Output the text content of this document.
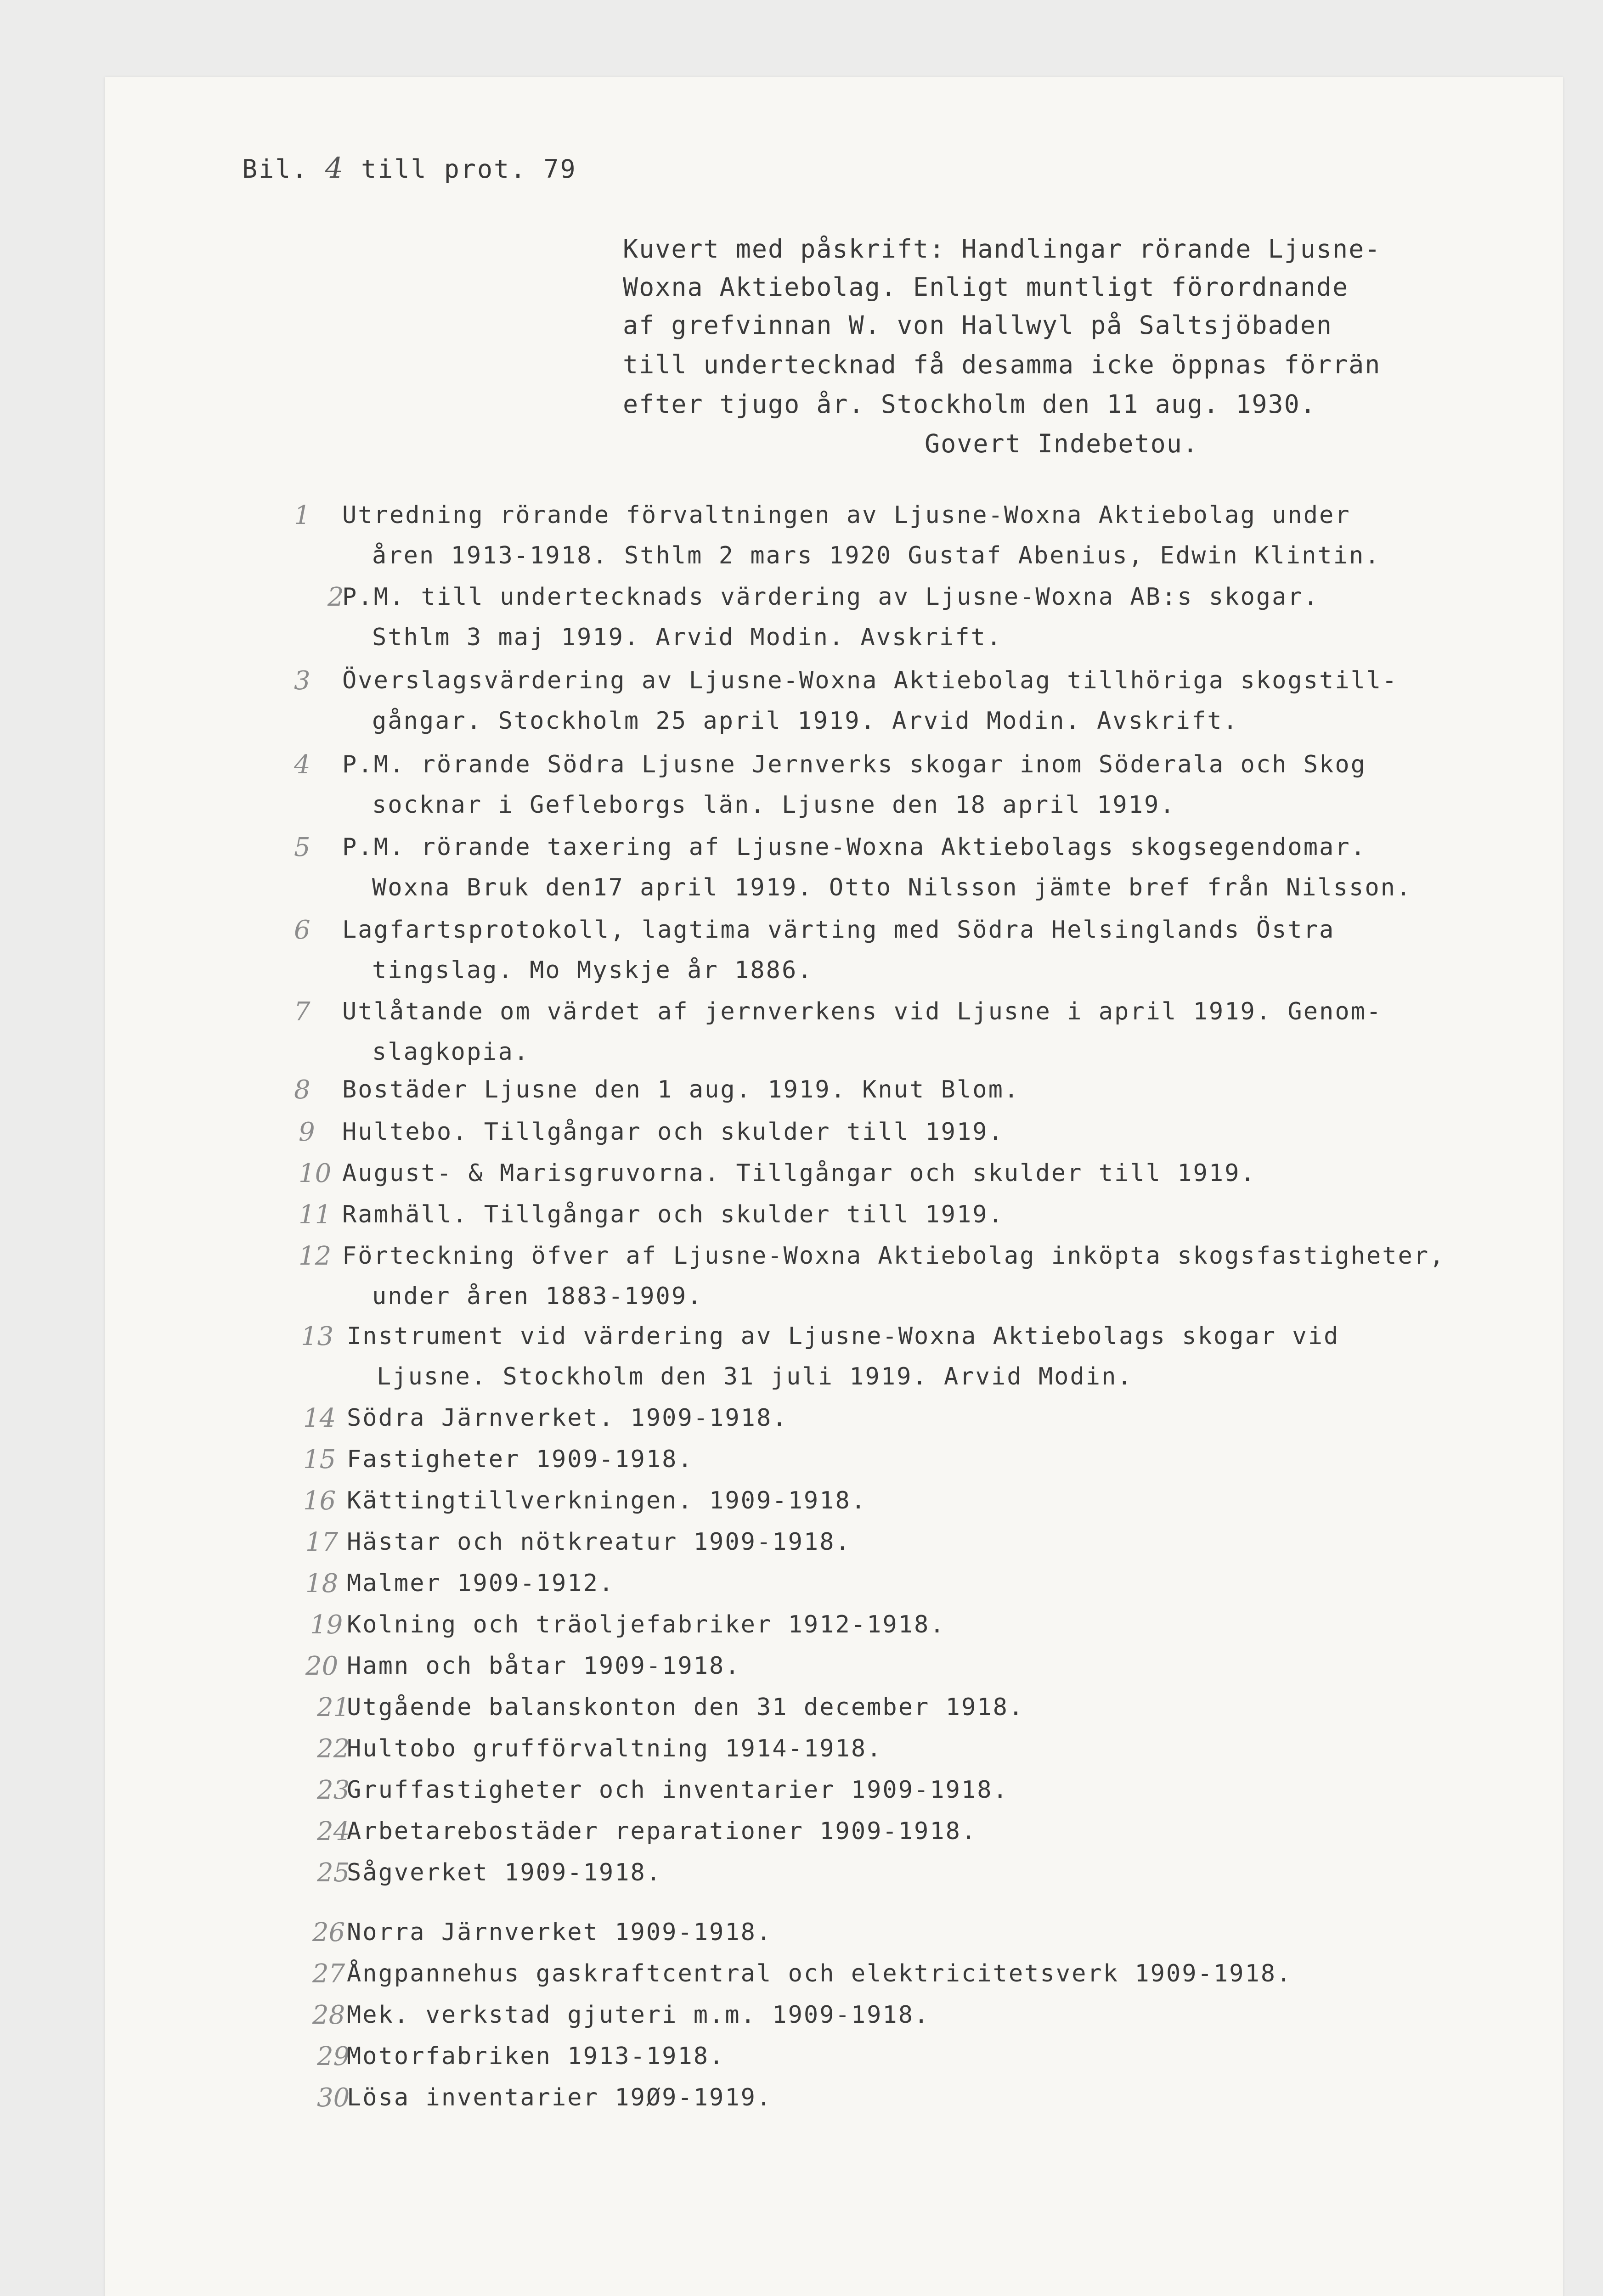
Bil. 4 till prot. 79
Kuvert med påskrift: Handlingar rörande Ljusne-
Woxna Aktiebolag. Enligt muntligt förordnande
af grefvinnan W. von Hallwyl på Saltsjöbaden
till undertecknad få desamma icke öppnas förrän
efter tjugo år. Stockholm den 11 aug. 1930.
Govert Indebetou.
1 Utredning rörande förvaltningen av Ljusne-Woxna Aktiebolag under
åren 1913-1918. Sthlm 2 mars 1920 Gustaf Abenius, Edwin Klintin.
2
P.M. till undertecknads värdering av Ljusne-Woxna AB:s skogar.
Sthlm 3 maj 1919. Arvid Modin. Avskrift.
3 Överslagsvärdering av Ljusne-Woxna Aktiebolag tillhöriga skogstill-
gångar. Stockholm 25 april 1919. Arvid Modin. Avskrift.
4 P.M. rörande Södra Ljusne Jernverks skogar inom Söderala och Skog
socknar i Gefleborgs län. Ljusne den 18 april 1919.
5 P.M. rörande taxering af Ljusne-Woxna Aktiebolags skogsegendomar.
Woxna Bruk den17 april 1919. Otto Nilsson jämte bref från Nilsson.
6 Lagfartsprotokoll, lagtima värting med Södra Helsinglands Östra
tingslag. Mo Myskje år 1886.
7 Utlåtande om värdet af jernverkens vid Ljusne i april 1919. Genom-
slagkopia.
8 Bostäder Ljusne den 1 aug. 1919. Knut Blom.
9 Hultebo. Tillgångar och skulder till 1919.
10 August- & Marisgruvorna. Tillgångar och skulder till 1919.
11 Ramhäll. Tillgångar och skulder till 1919.
12 Förteckning öfver af Ljusne-Woxna Aktiebolag inköpta skogsfastigheter,
under åren 1883-1909.
13 Instrument vid värdering av Ljusne-Woxna Aktiebolags skogar vid
Ljusne. Stockholm den 31 juli 1919. Arvid Modin.
14 Södra Järnverket. 1909-1918.
15 Fastigheter 1909-1918.
16 Kättingtillverkningen. 1909-1918.
17 Hästar och nötkreatur 1909-1918.
18 Malmer 1909-1912.
19 Kolning och träoljefabriker 1912-1918.
20 Hamn och båtar 1909-1918.
21
Utgående balanskonton den 31 december 1918.
22
Hultobo grufförvaltning 1914-1918.
23
Gruffastigheter och inventarier 1909-1918.
24
Arbetarebostäder reparationer 1909-1918.
25
Sågverket 1909-1918.
26 Norra Järnverket 1909-1918.
27 Ångpannehus gaskraftcentral och elektricitetsverk 1909-1918.
28 Mek. verkstad gjuteri m.m. 1909-1918.
29
Motorfabriken 1913-1918.
30
Lösa inventarier 19Ø9-1919.
